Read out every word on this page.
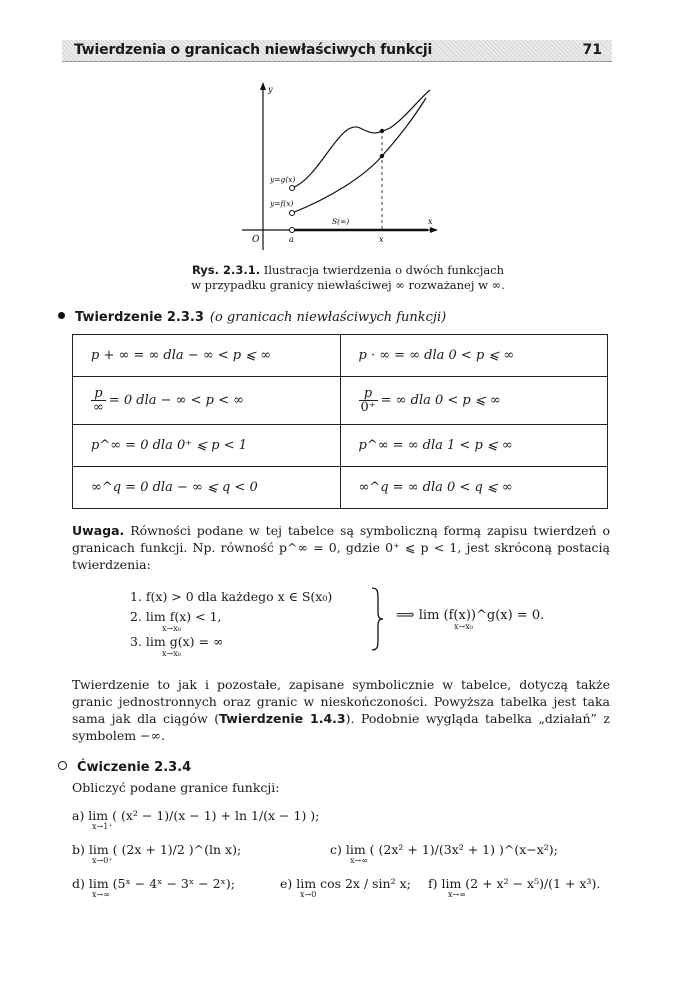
Twierdzenia o granicach niewłaściwych funkcji	71
y
x
O	a	x
y=g(x)
y=f(x)
S(∞)
Rys. 2.3.1. Ilustracja twierdzenia o dwóch funkcjach
w przypadku granicy niewłaściwej ∞ rozważanej w ∞.
Twierdzenie 2.3.3 (o granicach niewłaściwych funkcji)
p + ∞ = ∞ dla − ∞ < p ⩽ ∞	p · ∞ = ∞ dla 0 < p ⩽ ∞

$\frac{p}{\infty} = 0$ dla − ∞ < p < ∞	$\frac{p}{0^+}$ = ∞ dla 0 < p ⩽ ∞
p^∞ = 0 dla 0⁺ ⩽ p < 1	p^∞ = ∞ dla 1 < p ⩽ ∞
∞^q = 0 dla − ∞ ⩽ q < 0	∞^q = ∞ dla 0 < q ⩽ ∞
Uwaga. Równości podane w tej tabelce są symboliczną formą zapisu twierdzeń o granicach funkcji. Np. równość p^∞ = 0, gdzie 0⁺ ⩽ p < 1, jest skróconą postacią twierdzenia:
1. f(x) > 0 dla każdego x ∈ S(x₀)
2. lim f(x) < 1,
x→x₀
3. lim g(x) = ∞
x→x₀
⟹ lim (f(x))^g(x) = 0.
x→x₀
Twierdzenie to jak i pozostałe, zapisane symbolicznie w tabelce, dotyczą także granic jednostronnych oraz granic w nieskończoności. Powyższa tabelka jest taka sama jak dla ciągów (Twierdzenie 1.4.3). Podobnie wygląda tabelka „działań” z symbolem −∞.
Ćwiczenie 2.3.4
Obliczyć podane granice funkcji:
a) lim ( (x² − 1)/(x − 1) + ln 1/(x − 1) );
x→1⁺
b) lim ( (2x + 1)/2 )^(ln x);
x→0⁺
c) lim ( (2x² + 1)/(3x² + 1) )^(x−x²);
x→∞
d) lim (5ˣ − 4ˣ − 3ˣ − 2ˣ);
x→∞
e) lim cos 2x / sin² x;
x→0
f) lim (2 + x² − x⁵)/(1 + x³).
x→∞
